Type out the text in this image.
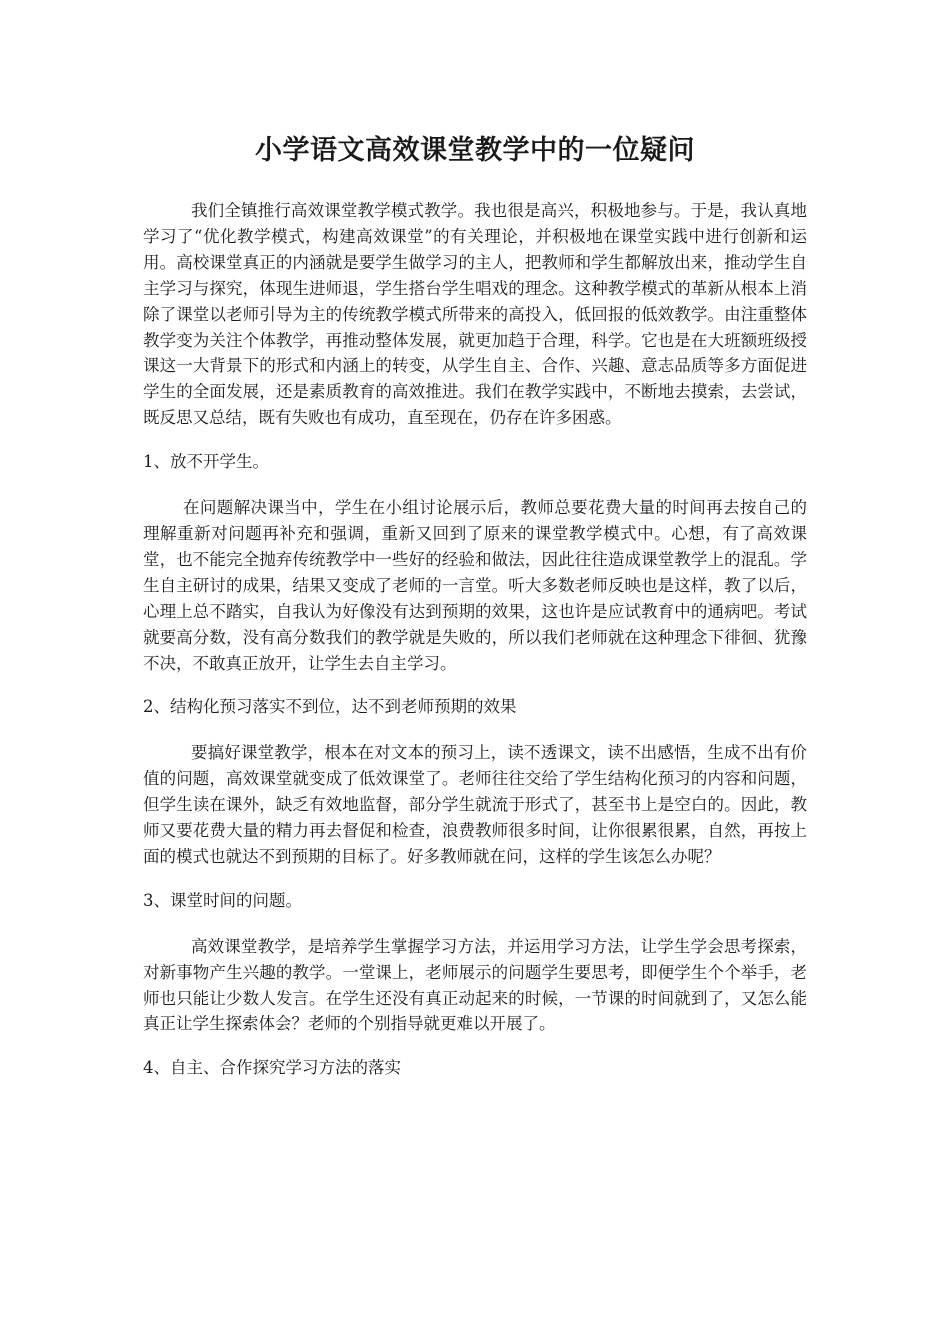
小学语文高效课堂教学中的一位疑问

我们全镇推行高效课堂教学模式教学。我也很是高兴，积极地参与。于是，我认真地学习了“优化教学模式，构建高效课堂”的有关理论，并积极地在课堂实践中进行创新和运用。高校课堂真正的内涵就是要学生做学习的主人，把教师和学生都解放出来，推动学生自主学习与探究，体现生进师退，学生搭台学生唱戏的理念。这种教学模式的革新从根本上消除了课堂以老师引导为主的传统教学模式所带来的高投入，低回报的低效教学。由注重整体教学变为关注个体教学，再推动整体发展，就更加趋于合理，科学。它也是在大班额班级授课这一大背景下的形式和内涵上的转变，从学生自主、合作、兴趣、意志品质等多方面促进学生的全面发展，还是素质教育的高效推进。我们在教学实践中，不断地去摸索，去尝试，既反思又总结，既有失败也有成功，直至现在，仍存在许多困惑。

1、放不开学生。

在问题解决课当中，学生在小组讨论展示后，教师总要花费大量的时间再去按自己的理解重新对问题再补充和强调，重新又回到了原来的课堂教学模式中。心想，有了高效课堂，也不能完全抛弃传统教学中一些好的经验和做法，因此往往造成课堂教学上的混乱。学生自主研讨的成果，结果又变成了老师的一言堂。听大多数老师反映也是这样，教了以后，心理上总不踏实，自我认为好像没有达到预期的效果，这也许是应试教育中的通病吧。考试就要高分数，没有高分数我们的教学就是失败的，所以我们老师就在这种理念下徘徊、犹豫不决，不敢真正放开，让学生去自主学习。

2、结构化预习落实不到位，达不到老师预期的效果

要搞好课堂教学，根本在对文本的预习上，读不透课文，读不出感悟，生成不出有价值的问题，高效课堂就变成了低效课堂了。老师往往交给了学生结构化预习的内容和问题，但学生读在课外，缺乏有效地监督，部分学生就流于形式了，甚至书上是空白的。因此，教师又要花费大量的精力再去督促和检查，浪费教师很多时间，让你很累很累，自然，再按上面的模式也就达不到预期的目标了。好多教师就在问，这样的学生该怎么办呢？

3、课堂时间的问题。

高效课堂教学，是培养学生掌握学习方法，并运用学习方法，让学生学会思考探索，对新事物产生兴趣的教学。一堂课上，老师展示的问题学生要思考，即便学生个个举手，老师也只能让少数人发言。在学生还没有真正动起来的时候，一节课的时间就到了，又怎么能真正让学生探索体会？老师的个别指导就更难以开展了。

4、自主、合作探究学习方法的落实
